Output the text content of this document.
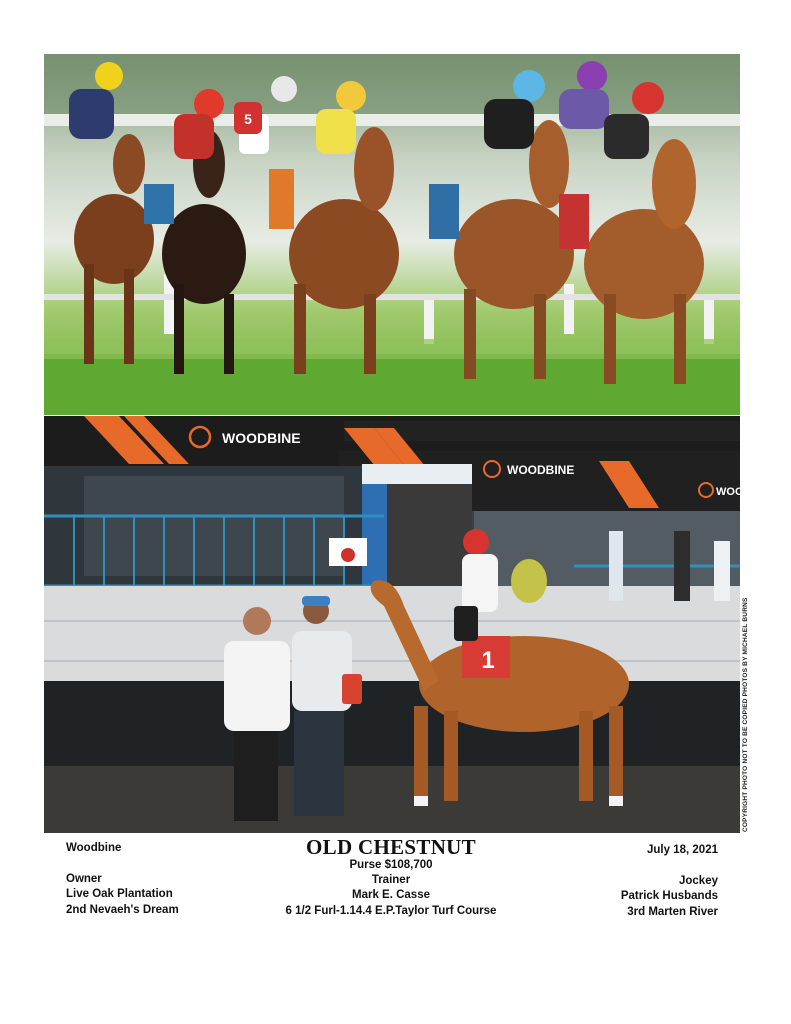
5
WOODBINE
WOODBINE
WOO
1	COPYRIGHT PHOTO NOT TO BE COPIED PHOTOS BY MICHAEL BURNS
Woodbine	OLD CHESTNUT	July 18, 2021
Purse $108,700
Trainer
Mark E. Casse
6 1/2 Furl-1.14.4 E.P.Taylor Turf Course
Owner
Live Oak Plantation
2nd Nevaeh's Dream
Jockey
Patrick Husbands
3rd Marten River
